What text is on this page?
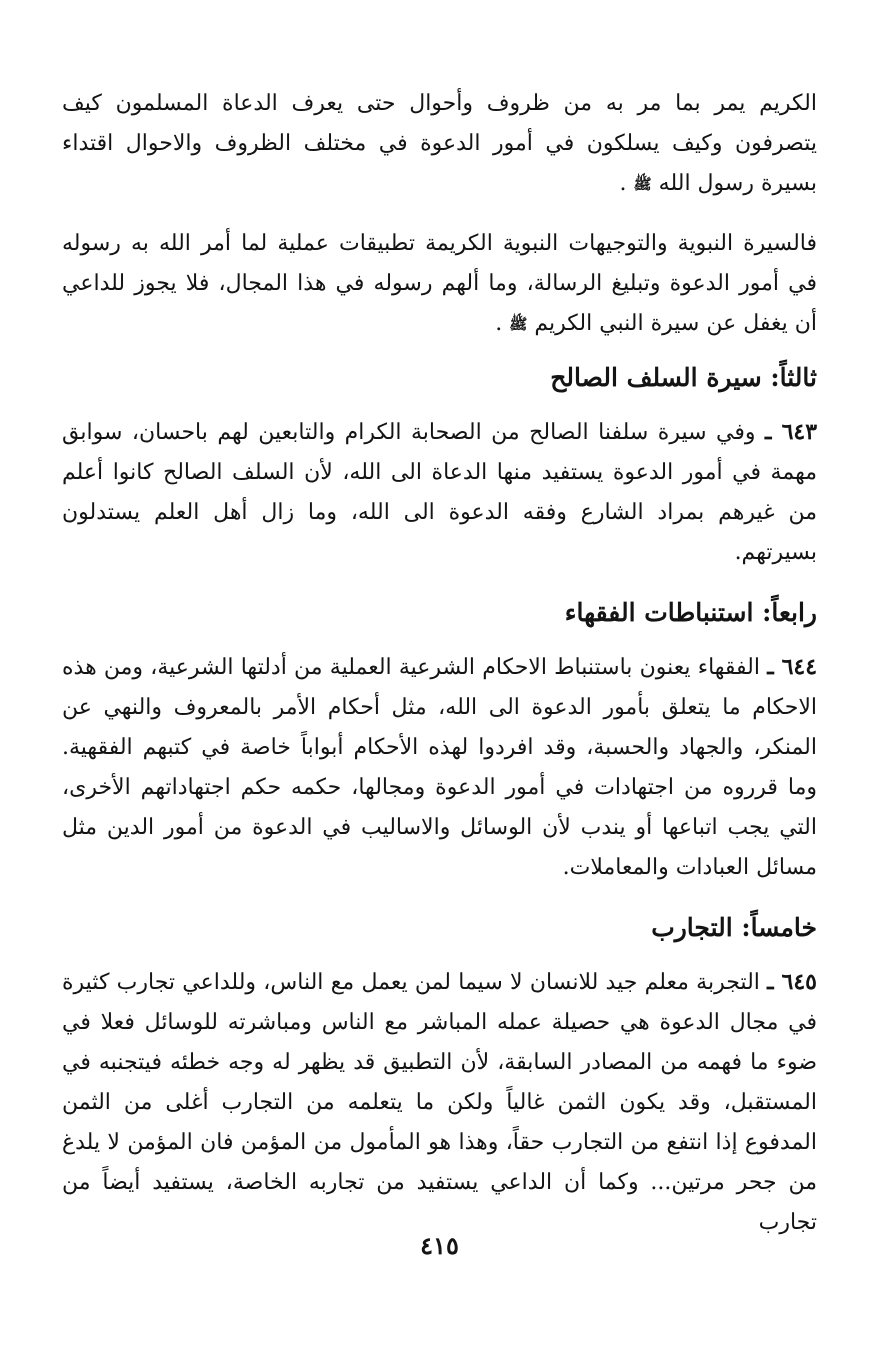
الكريم يمر بما مر به من ظروف وأحوال حتى يعرف الدعاة المسلمون كيف يتصرفون وكيف يسلكون في أمور الدعوة في مختلف الظروف والاحوال اقتداء بسيرة رسول الله ﷺ .

فالسيرة النبوية والتوجيهات النبوية الكريمة تطبيقات عملية لما أمر الله به رسوله في أمور الدعوة وتبليغ الرسالة، وما ألهم رسوله في هذا المجال، فلا يجوز للداعي أن يغفل عن سيرة النبي الكريم ﷺ .

ثالثاً: سيرة السلف الصالح

٦٤٣ ـ وفي سيرة سلفنا الصالح من الصحابة الكرام والتابعين لهم باحسان، سوابق مهمة في أمور الدعوة يستفيد منها الدعاة الى الله، لأن السلف الصالح كانوا أعلم من غيرهم بمراد الشارع وفقه الدعوة الى الله، وما زال أهل العلم يستدلون بسيرتهم.

رابعاً: استنباطات الفقهاء

٦٤٤ ـ الفقهاء يعنون باستنباط الاحكام الشرعية العملية من أدلتها الشرعية، ومن هذه الاحكام ما يتعلق بأمور الدعوة الى الله، مثل أحكام الأمر بالمعروف والنهي عن المنكر، والجهاد والحسبة، وقد افردوا لهذه الأحكام أبواباً خاصة في كتبهم الفقهية. وما قرروه من اجتهادات في أمور الدعوة ومجالها، حكمه حكم اجتهاداتهم الأخرى، التي يجب اتباعها أو يندب لأن الوسائل والاساليب في الدعوة من أمور الدين مثل مسائل العبادات والمعاملات.

خامساً: التجارب

٦٤٥ ـ التجربة معلم جيد للانسان لا سيما لمن يعمل مع الناس، وللداعي تجارب كثيرة في مجال الدعوة هي حصيلة عمله المباشر مع الناس ومباشرته للوسائل فعلا في ضوء ما فهمه من المصادر السابقة، لأن التطبيق قد يظهر له وجه خطئه فيتجنبه في المستقبل، وقد يكون الثمن غالياً ولكن ما يتعلمه من التجارب أغلى من الثمن المدفوع إذا انتفع من التجارب حقاً، وهذا هو المأمول من المؤمن فان المؤمن لا يلدغ من جحر مرتين... وكما أن الداعي يستفيد من تجاربه الخاصة، يستفيد أيضاً من تجارب

٤١٥
